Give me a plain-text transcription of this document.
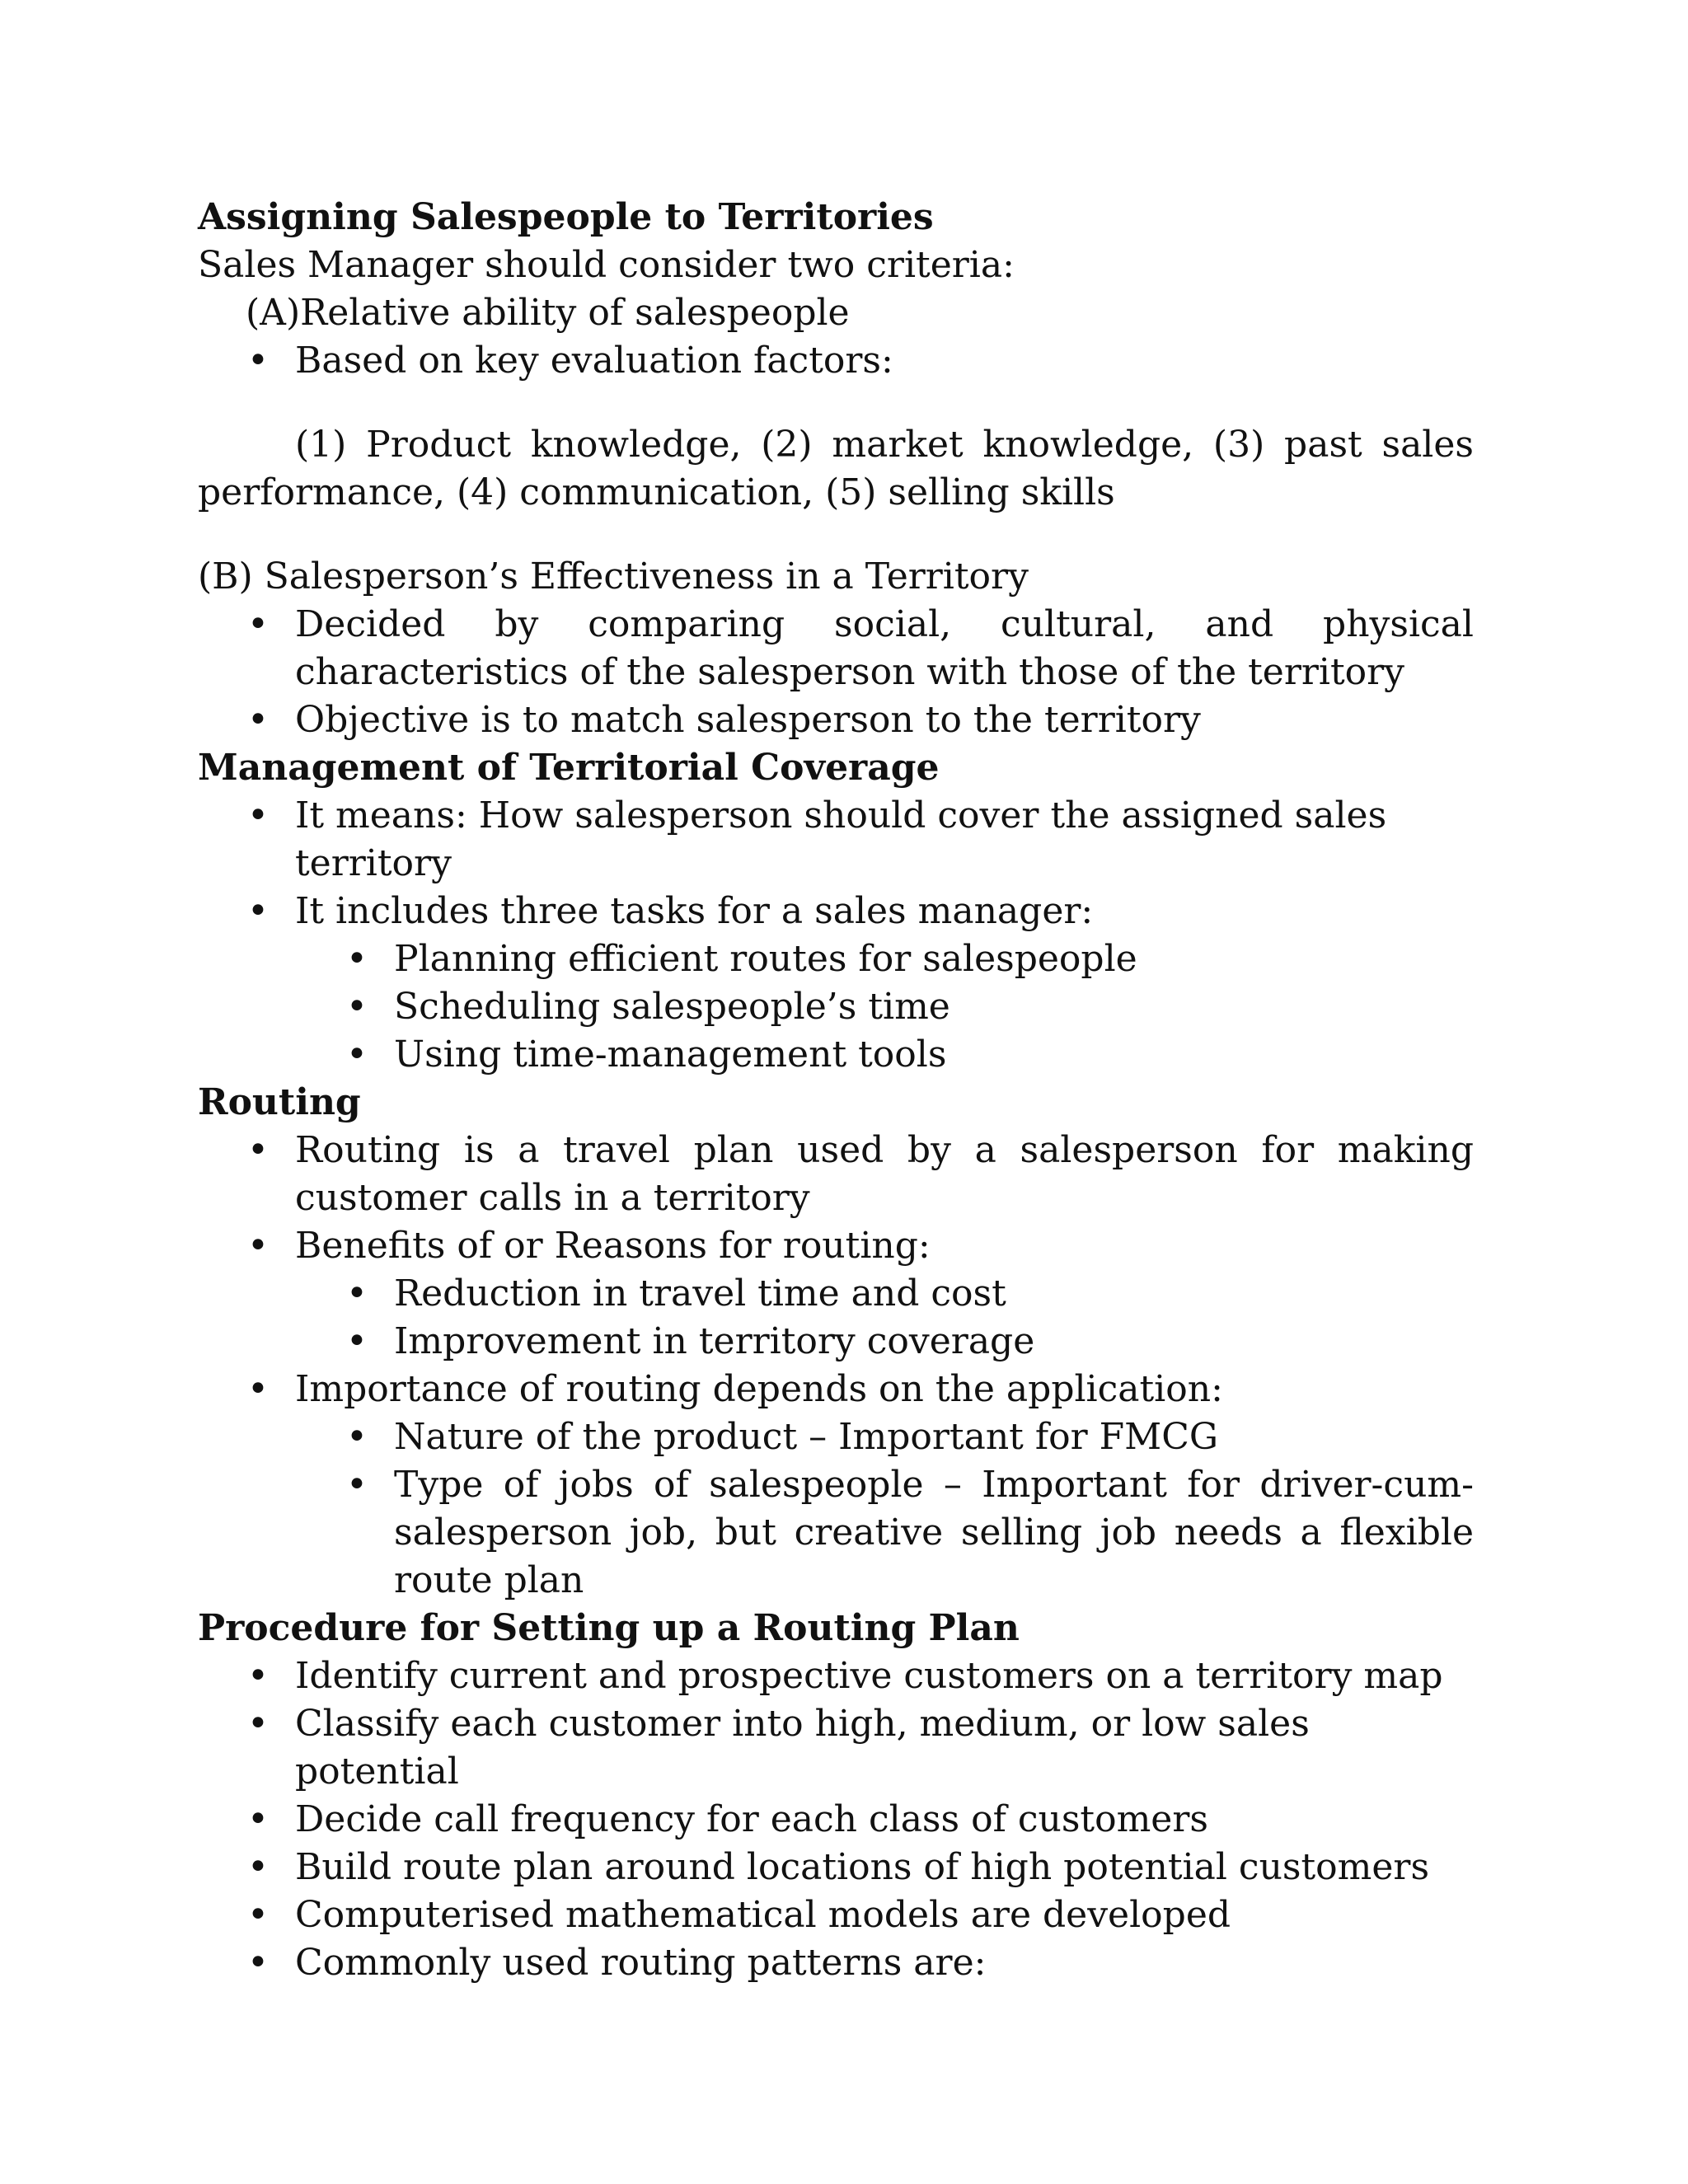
Assigning Salespeople to Territories

Sales Manager should consider two criteria:

(A)Relative ability of salespeople

• Based on key evaluation factors:

(1) Product knowledge, (2) market knowledge, (3) past sales performance, (4) communication, (5) selling skills

(B) Salesperson’s Effectiveness in a Territory

• Decided by comparing social, cultural, and physical characteristics of the salesperson with those of the territory
• Objective is to match salesperson to the territory

Management of Territorial Coverage

• It means: How salesperson should cover the assigned sales territory
• It includes three tasks for a sales manager:
• Planning efficient routes for salespeople
• Scheduling salespeople’s time
• Using time-management tools

Routing

• Routing is a travel plan used by a salesperson for making customer calls in a territory
• Benefits of or Reasons for routing:
• Reduction in travel time and cost
• Improvement in territory coverage
• Importance of routing depends on the application:
• Nature of the product – Important for FMCG
• Type of jobs of salespeople – Important for driver-cum-salesperson job, but creative selling job needs a flexible route plan

Procedure for Setting up a Routing Plan

• Identify current and prospective customers on a territory map
• Classify each customer into high, medium, or low sales potential
• Decide call frequency for each class of customers
• Build route plan around locations of high potential customers
• Computerised mathematical models are developed
• Commonly used routing patterns are:
